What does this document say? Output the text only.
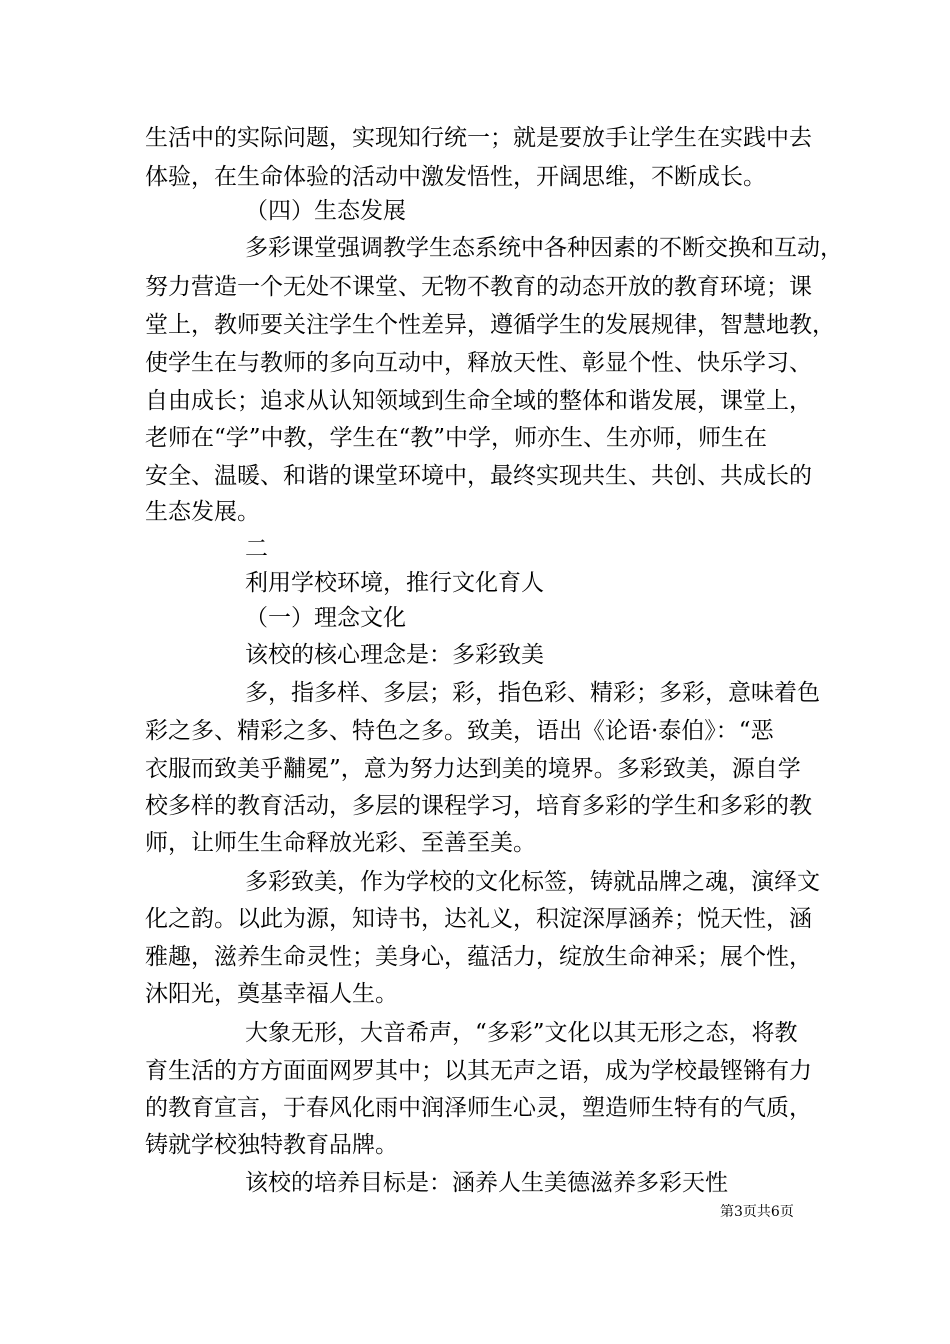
生活中的实际问题，实现知行统一；就是要放手让学生在实践中去

体验，在生命体验的活动中激发悟性，开阔思维，不断成长。

（四）生态发展

多彩课堂强调教学生态系统中各种因素的不断交换和互动，

努力营造一个无处不课堂、无物不教育的动态开放的教育环境；课

堂上，教师要关注学生个性差异，遵循学生的发展规律，智慧地教，

使学生在与教师的多向互动中，释放天性、彰显个性、快乐学习、

自由成长；追求从认知领域到生命全域的整体和谐发展，课堂上，

老师在“学”中教，学生在“教”中学，师亦生、生亦师，师生在

安全、温暖、和谐的课堂环境中，最终实现共生、共创、共成长的

生态发展。

二

利用学校环境，推行文化育人

（一）理念文化

该校的核心理念是：多彩致美

多，指多样、多层；彩，指色彩、精彩；多彩，意味着色

彩之多、精彩之多、特色之多。致美，语出《论语·泰伯》：“恶

衣服而致美乎黼冕”，意为努力达到美的境界。多彩致美，源自学

校多样的教育活动，多层的课程学习，培育多彩的学生和多彩的教

师，让师生生命释放光彩、至善至美。

多彩致美，作为学校的文化标签，铸就品牌之魂，演绎文

化之韵。以此为源，知诗书，达礼义，积淀深厚涵养；悦天性，涵

雅趣，滋养生命灵性；美身心，蕴活力，绽放生命神采；展个性，

沐阳光，奠基幸福人生。

大象无形，大音希声，“多彩”文化以其无形之态，将教

育生活的方方面面网罗其中；以其无声之语，成为学校最铿锵有力

的教育宣言，于春风化雨中润泽师生心灵，塑造师生特有的气质，

铸就学校独特教育品牌。

该校的培养目标是：涵养人生美德滋养多彩天性

第3页共6页
